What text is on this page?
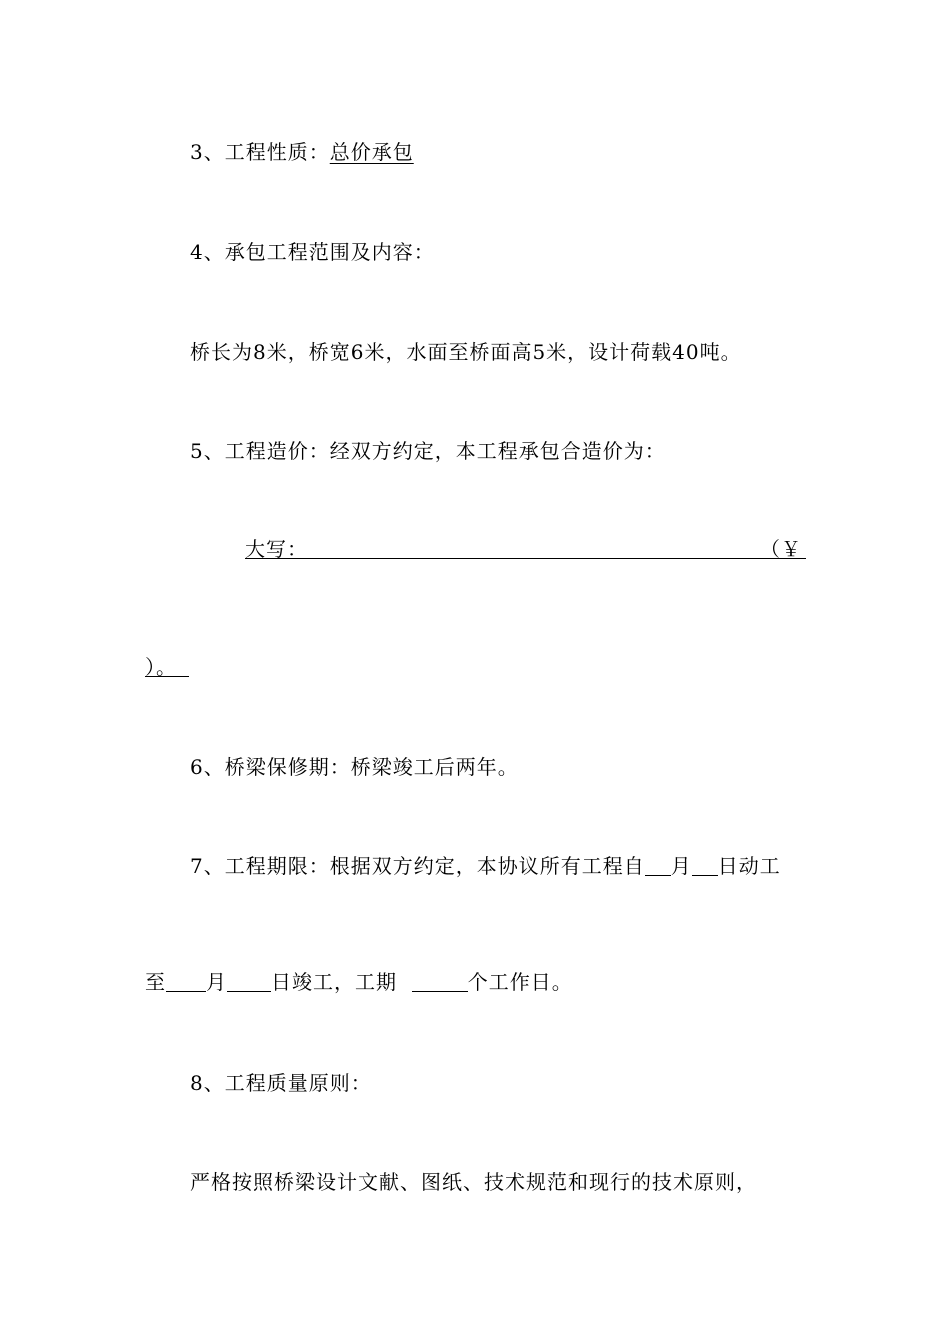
3、工程性质：总价承包
4、承包工程范围及内容：
桥长为8米，桥宽6米，水面至桥面高5米，设计荷载40吨。
5、工程造价：经双方约定，本工程承包合造价为：
大写：	（￥
）。
6、桥梁保修期：桥梁竣工后两年。
7、工程期限：根据双方约定，本协议所有工程自 月 日动工
至 月 日竣工，工期	个工作日。
8、工程质量原则：
严格按照桥梁设计文献、图纸、技术规范和现行的技术原则，
